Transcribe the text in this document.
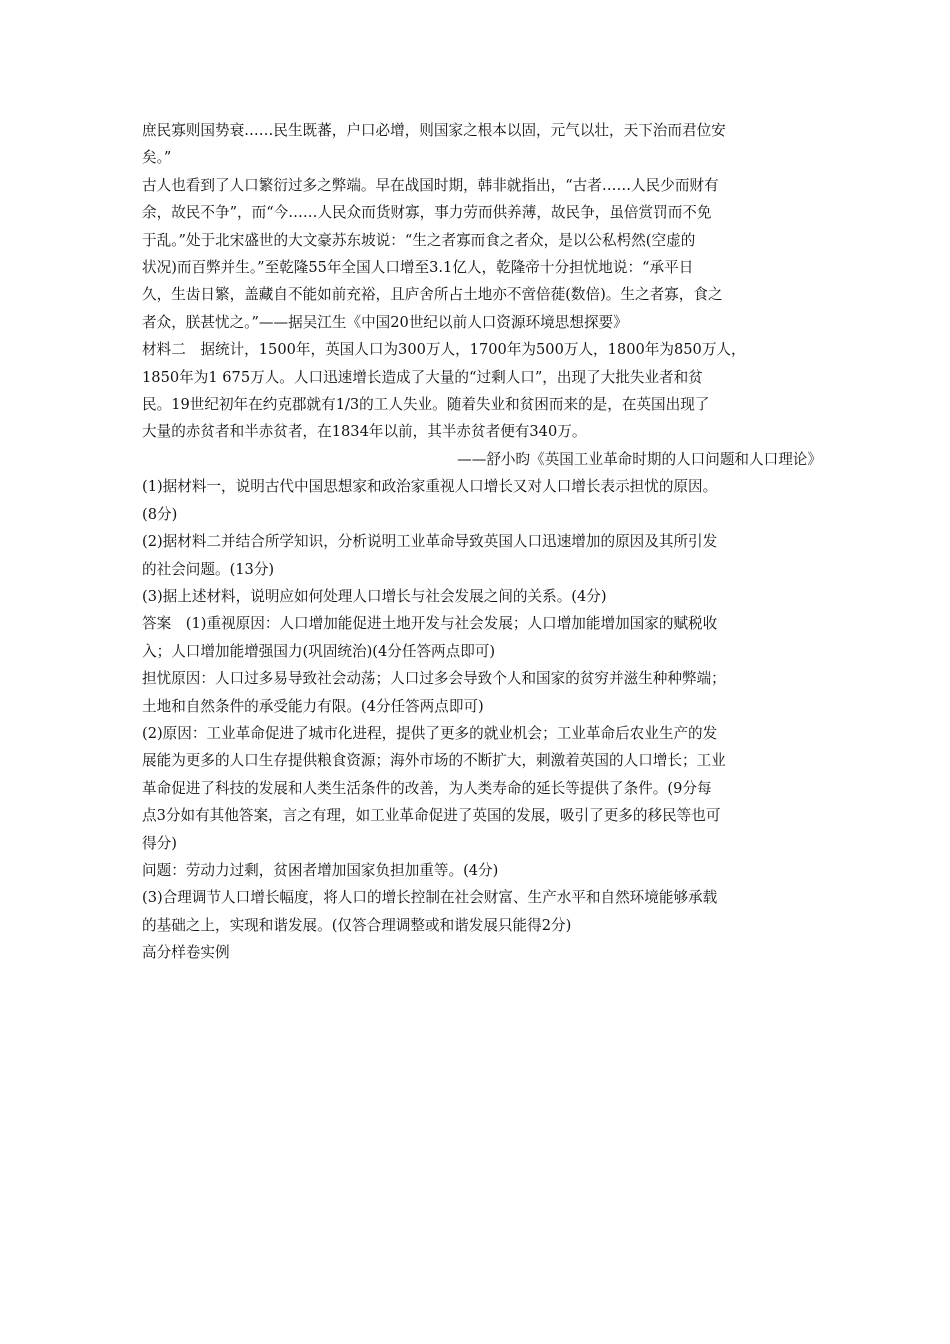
庶民寡则国势衰……民生既蕃，户口必增，则国家之根本以固，元气以壮，天下治而君位安
矣。”
古人也看到了人口繁衍过多之弊端。早在战国时期，韩非就指出，“古者……人民少而财有
余，故民不争”，而“今……人民众而货财寡，事力劳而供养薄，故民争，虽倍赏罚而不免
于乱。”处于北宋盛世的大文豪苏东坡说：“生之者寡而食之者众，是以公私枵然(空虚的
状况)而百弊并生。”至乾隆55年全国人口增至3.1亿人，乾隆帝十分担忧地说：“承平日
久，生齿日繁，盖藏自不能如前充裕，且庐舍所占土地亦不啻倍蓰(数倍)。生之者寡，食之
者众，朕甚忧之。”——据吴江生《中国20世纪以前人口资源环境思想探要》
材料二　据统计，1500年，英国人口为300万人，1700年为500万人，1800年为850万人，
1850年为1 675万人。人口迅速增长造成了大量的“过剩人口”，出现了大批失业者和贫
民。19世纪初年在约克郡就有1/3的工人失业。随着失业和贫困而来的是，在英国出现了
大量的赤贫者和半赤贫者，在1834年以前，其半赤贫者便有340万。
——舒小昀《英国工业革命时期的人口问题和人口理论》
(1)据材料一，说明古代中国思想家和政治家重视人口增长又对人口增长表示担忧的原因。
(8分)
(2)据材料二并结合所学知识，分析说明工业革命导致英国人口迅速增加的原因及其所引发
的社会问题。(13分)
(3)据上述材料，说明应如何处理人口增长与社会发展之间的关系。(4分)
答案　(1)重视原因：人口增加能促进土地开发与社会发展；人口增加能增加国家的赋税收
入；人口增加能增强国力(巩固统治)(4分任答两点即可)
担忧原因：人口过多易导致社会动荡；人口过多会导致个人和国家的贫穷并滋生种种弊端；
土地和自然条件的承受能力有限。(4分任答两点即可)
(2)原因：工业革命促进了城市化进程，提供了更多的就业机会；工业革命后农业生产的发
展能为更多的人口生存提供粮食资源；海外市场的不断扩大，刺激着英国的人口增长；工业
革命促进了科技的发展和人类生活条件的改善，为人类寿命的延长等提供了条件。(9分每
点3分如有其他答案，言之有理，如工业革命促进了英国的发展，吸引了更多的移民等也可
得分)
问题：劳动力过剩，贫困者增加国家负担加重等。(4分)
(3)合理调节人口增长幅度，将人口的增长控制在社会财富、生产水平和自然环境能够承载
的基础之上，实现和谐发展。(仅答合理调整或和谐发展只能得2分)
高分样卷实例
